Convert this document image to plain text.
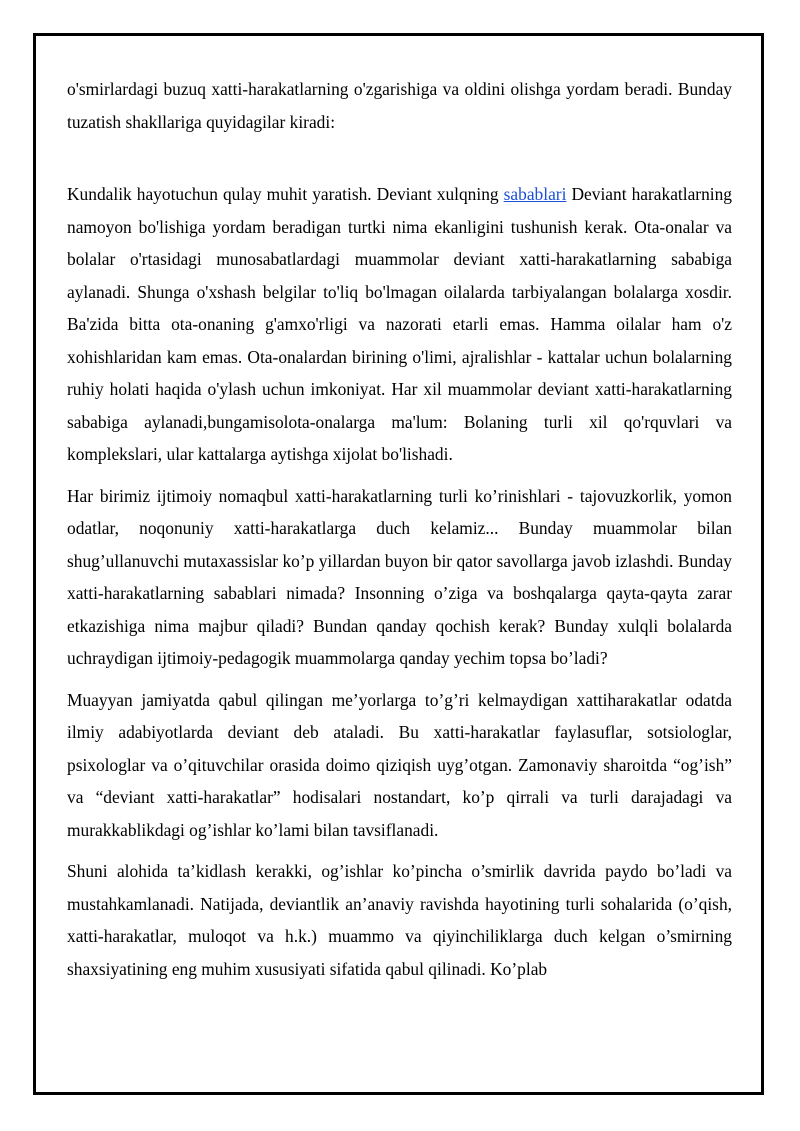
o'smirlardagi buzuq xatti-harakatlarning o'zgarishiga va oldini olishga yordam beradi. Bunday tuzatish shakllariga quyidagilar kiradi:

Kundalik hayotuchun qulay muhit yaratish. Deviant xulqning sabablari Deviant harakatlarning namoyon bo'lishiga yordam beradigan turtki nima ekanligini tushunish kerak. Ota-onalar va bolalar o'rtasidagi munosabatlardagi muammolar deviant xatti-harakatlarning sababiga aylanadi. Shunga o'xshash belgilar to'liq bo'lmagan oilalarda tarbiyalangan bolalarga xosdir. Ba'zida bitta ota-onaning g'amxo'rligi va nazorati etarli emas. Hamma oilalar ham o'z xohishlaridan kam emas. Ota-onalardan birining o'limi, ajralishlar - kattalar uchun bolalarning ruhiy holati haqida o'ylash uchun imkoniyat. Har xil muammolar deviant xatti-harakatlarning sababiga aylanadi,bungamisolota-onalarga ma'lum: Bolaning turli xil qo'rquvlari va komplekslari, ular kattalarga aytishga xijolat bo'lishadi.

Har birimiz ijtimoiy nomaqbul xatti-harakatlarning turli ko’rinishlari - tajovuzkorlik, yomon odatlar, noqonuniy xatti-harakatlarga duch kelamiz... Bunday muammolar bilan shug’ullanuvchi mutaxassislar ko’p yillardan buyon bir qator savollarga javob izlashdi. Bunday xatti-harakatlarning sabablari nimada? Insonning o’ziga va boshqalarga qayta-qayta zarar etkazishiga nima majbur qiladi? Bundan qanday qochish kerak? Bunday xulqli bolalarda uchraydigan ijtimoiy-pedagogik muammolarga qanday yechim topsa bo’ladi?

Muayyan jamiyatda qabul qilingan me’yorlarga to’g’ri kelmaydigan xattiharakatlar odatda ilmiy adabiyotlarda deviant deb ataladi. Bu xatti-harakatlar faylasuflar, sotsiologlar, psixologlar va o’qituvchilar orasida doimo qiziqish uyg’otgan. Zamonaviy sharoitda “og’ish” va “deviant xatti-harakatlar” hodisalari nostandart, ko’p qirrali va turli darajadagi va murakkablikdagi og’ishlar ko’lami bilan tavsiflanadi.

Shuni alohida ta’kidlash kerakki, og’ishlar ko’pincha o’smirlik davrida paydo bo’ladi va mustahkamlanadi. Natijada, deviantlik an’anaviy ravishda hayotining turli sohalarida (o’qish, xatti-harakatlar, muloqot va h.k.) muammo va qiyinchiliklarga duch kelgan o’smirning shaxsiyatining eng muhim xususiyati sifatida qabul qilinadi. Ko’plab
